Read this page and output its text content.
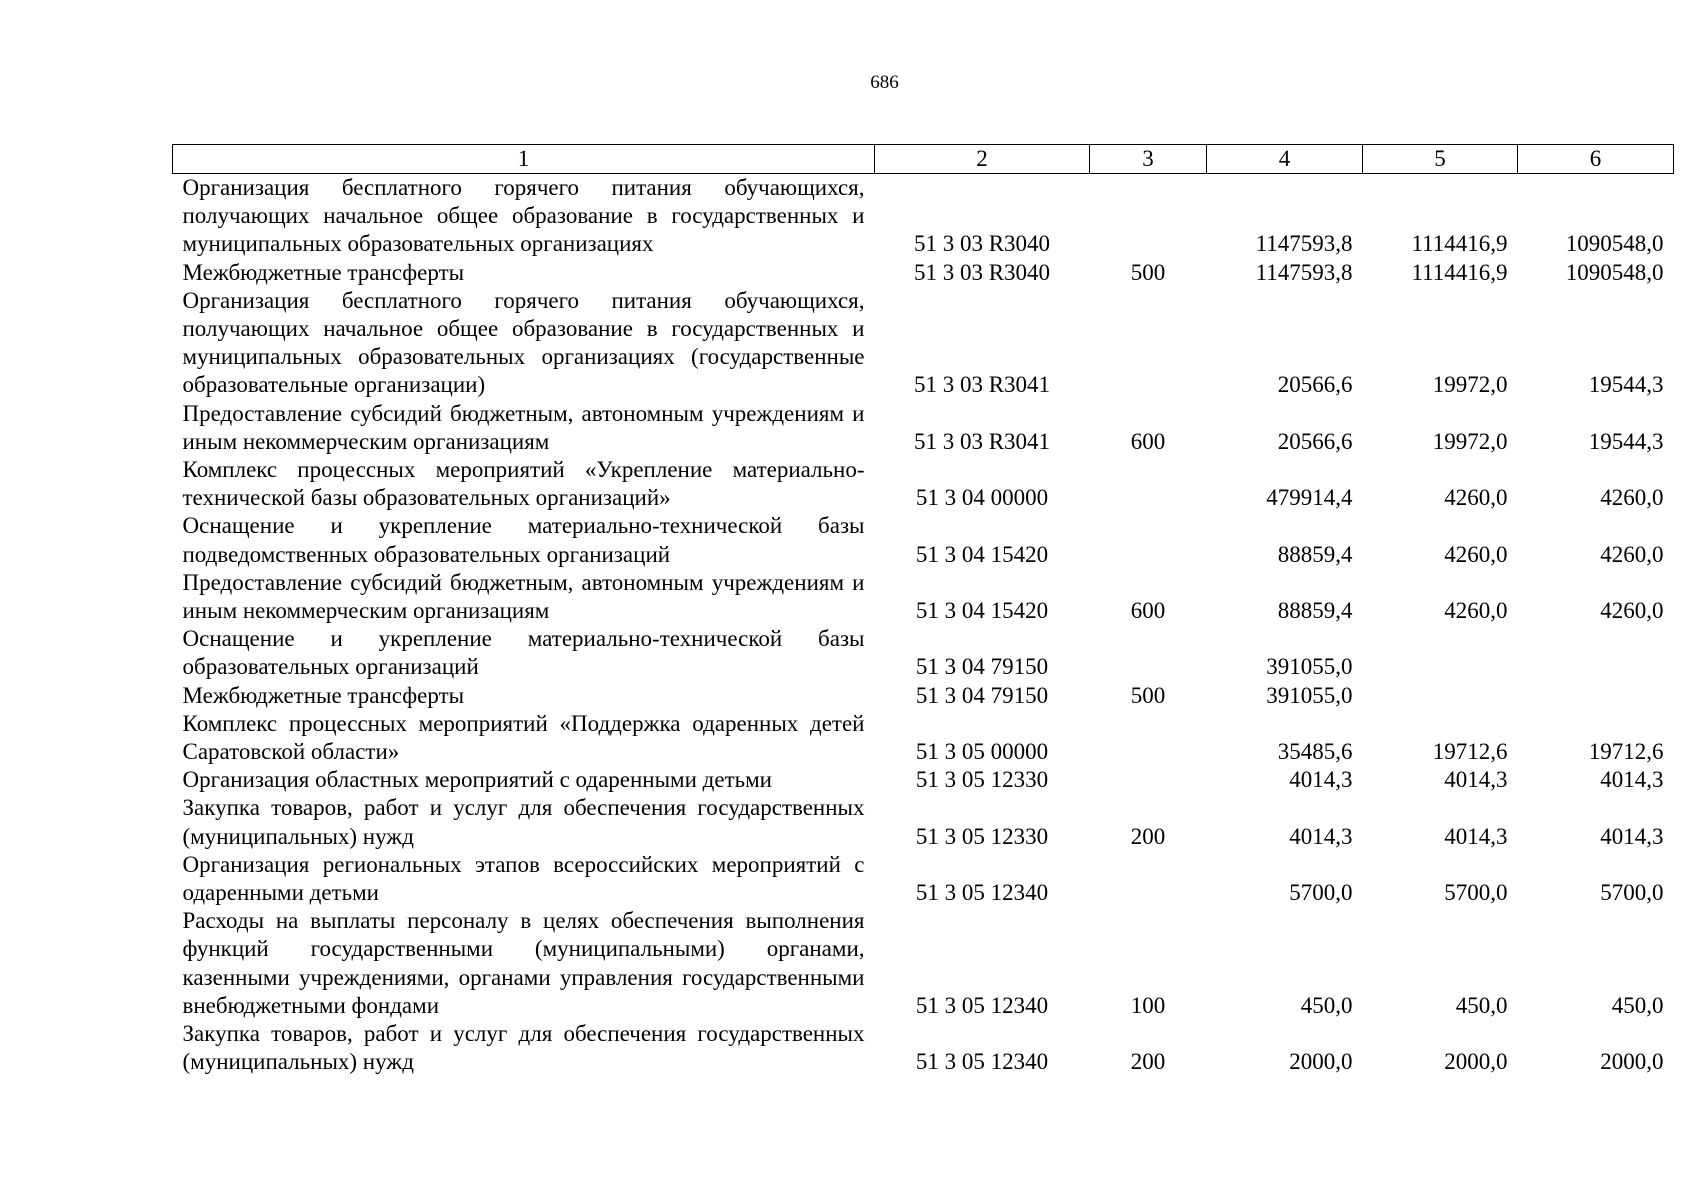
686
1	2	3	4	5	6
Организация бесплатного горячего питания обучающихся, получающих начальное общее образование в государственных и муниципальных образовательных организациях	51 3 03 R3040		1147593,8	1114416,9	1090548,0
Межбюджетные трансферты	51 3 03 R3040	500	1147593,8	1114416,9	1090548,0
Организация бесплатного горячего питания обучающихся, получающих начальное общее образование в государственных и муниципальных образовательных организациях (государственные образовательные организации)	51 3 03 R3041		20566,6	19972,0	19544,3
Предоставление субсидий бюджетным, автономным учреждениям и иным некоммерческим организациям	51 3 03 R3041	600	20566,6	19972,0	19544,3
Комплекс процессных мероприятий «Укрепление материально-технической базы образовательных организаций»	51 3 04 00000		479914,4	4260,0	4260,0
Оснащение и укрепление материально-технической базы подведомственных образовательных организаций	51 3 04 15420		88859,4	4260,0	4260,0
Предоставление субсидий бюджетным, автономным учреждениям и иным некоммерческим организациям	51 3 04 15420	600	88859,4	4260,0	4260,0
Оснащение и укрепление материально-технической базы образовательных организаций	51 3 04 79150		391055,0		
Межбюджетные трансферты	51 3 04 79150	500	391055,0		
Комплекс процессных мероприятий «Поддержка одаренных детей Саратовской области»	51 3 05 00000		35485,6	19712,6	19712,6
Организация областных мероприятий с одаренными детьми	51 3 05 12330		4014,3	4014,3	4014,3
Закупка товаров, работ и услуг для обеспечения государственных (муниципальных) нужд	51 3 05 12330	200	4014,3	4014,3	4014,3
Организация региональных этапов всероссийских мероприятий с одаренными детьми	51 3 05 12340		5700,0	5700,0	5700,0
Расходы на выплаты персоналу в целях обеспечения выполнения функций государственными (муниципальными) органами, казенными учреждениями, органами управления государственными внебюджетными фондами	51 3 05 12340	100	450,0	450,0	450,0
Закупка товаров, работ и услуг для обеспечения государственных (муниципальных) нужд	51 3 05 12340	200	2000,0	2000,0	2000,0
